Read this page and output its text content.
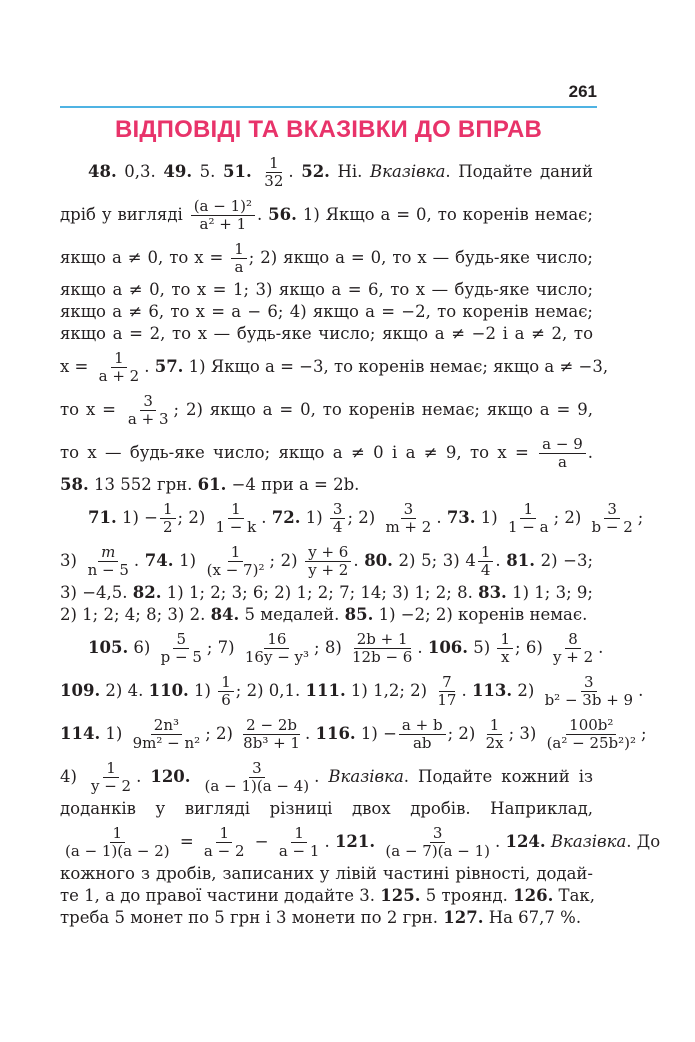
261
ВІДПОВІДІ ТА ВКАЗІВКИ ДО ВПРАВ
48. 0,3. 49. 5. 51. $\frac{1}{32}$ . 52. Ні. Вказівка. Подайте даний
дріб у вигляді $\frac{\text{(a − 1)²}}{\text{a² + 1}}$ . 56. 1) Якщо a = 0, то коренів немає;
якщо a ≠ 0, то $x = \frac{1}{a}$ ; 2) якщо a = 0, то x — будь-яке число;
якщо a ≠ 0, то x = 1; 3) якщо a = 6, то x — будь-яке число;
якщо a ≠ 6, то x = a − 6; 4) якщо a = −2, то коренів немає;
якщо a = 2, то x — будь-яке число; якщо a ≠ −2 і a ≠ 2, то
$x = \frac{1}{a + 2}$ . 57. 1) Якщо a = −3, то коренів немає; якщо a ≠ −3,
то $x = \frac{3}{a + 3}$ ; 2) якщо a = 0, то коренів немає; якщо a = 9,
то x — будь-яке число; якщо a ≠ 0 і a ≠ 9, то $x = \frac{a - 9}{a}$ .
58. 13 552 грн. 61. −4 при a = 2b.
71. $1) - \frac{1}{2}$ ; $2) \frac{1}{1 - k}$ . 72. $1) \frac{3}{4}$ ; $2) \frac{3}{m + 2}$ . 73. $1) \frac{1}{1 - a}$ ; $2) \frac{3}{b - 2}$ ;
$3) \frac{m}{n - 5}$ . 74. $1) \frac{1}{\text{(x − 7)²}}$ ; $2) \frac{y + 6}{y + 2}$ . 80. 2) 5; 3) $4 \frac{1}{4}$ . 81. 2) −3;
3) −4,5. 82. 1) 1; 2; 3; 6; 2) 1; 2; 7; 14; 3) 1; 2; 8. 83. 1) 1; 3; 9;
2) 1; 2; 4; 8; 3) 2. 84. 5 медалей. 85. 1) −2; 2) коренів немає.
105. $6) \frac{5}{p - 5}$ ; $7) \frac{16}{\text{16y − y³}}$ ; $8) \frac{2b + 1}{12b - 6}$ . 106. $5) \frac{1}{x}$ ; $6) \frac{8}{y + 2}$ .
109. 2) 4. 110. $1) \frac{1}{6}$ ; 2) 0,1. 111. 1) 1,2; $2) \frac{7}{17}$ . 113. $2) \frac{3}{\text{b² − 3b + 9}}$ .
114. $1) \frac{\text{2n³}}{\text{9m² − n²}}$ ; $2) \frac{2 - 2b}{\text{8b³ + 1}}$ . 116. $1) - \frac{a + b}{ab}$ ; $2) \frac{1}{2x}$ ; $3) \frac{\text{100b²}}{\text{(a² − 25b²)²}}$ ;
$4) \frac{1}{y - 2}$ . 120. $\frac{3}{(a - 1)(a - 4)}$ . Вказівка. Подайте кожний із
доданків у вигляді різниці двох дробів. Наприклад,
$\frac{1}{(a - 1)(a - 2)} = \frac{1}{a - 2} - \frac{1}{a - 1}$ . 121. $\frac{3}{(a - 7)(a - 1)}$ . 124. Вказівка. До
кожного з дробів, записаних у лівій частині рівності, додай-
те 1, а до правої частини додайте 3. 125. 5 троянд. 126. Так,
треба 5 монет по 5 грн і 3 монети по 2 грн. 127. На 67,7 %.
